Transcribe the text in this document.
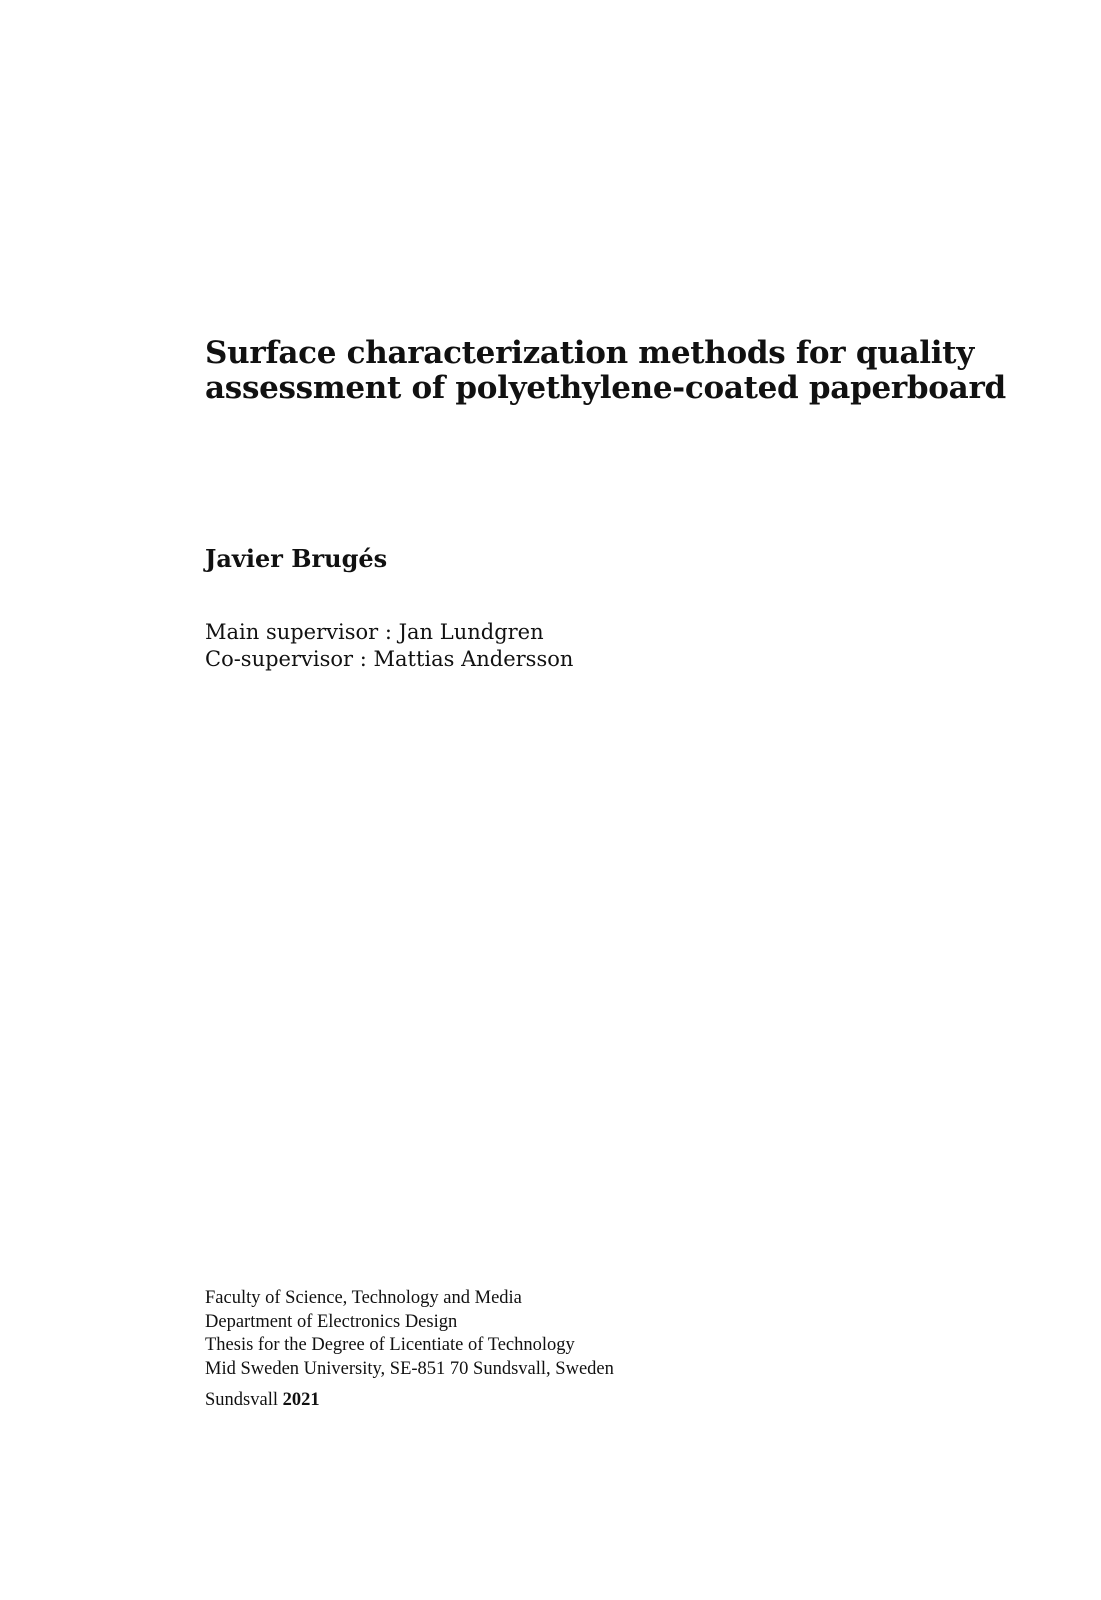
Surface characterization methods for quality
assessment of polyethylene-coated paperboard
Javier Brugés
Main supervisor : Jan Lundgren
Co-supervisor : Mattias Andersson
Faculty of Science, Technology and Media
Department of Electronics Design
Thesis for the Degree of Licentiate of Technology
Mid Sweden University, SE-851 70 Sundsvall, Sweden
Sundsvall 2021
